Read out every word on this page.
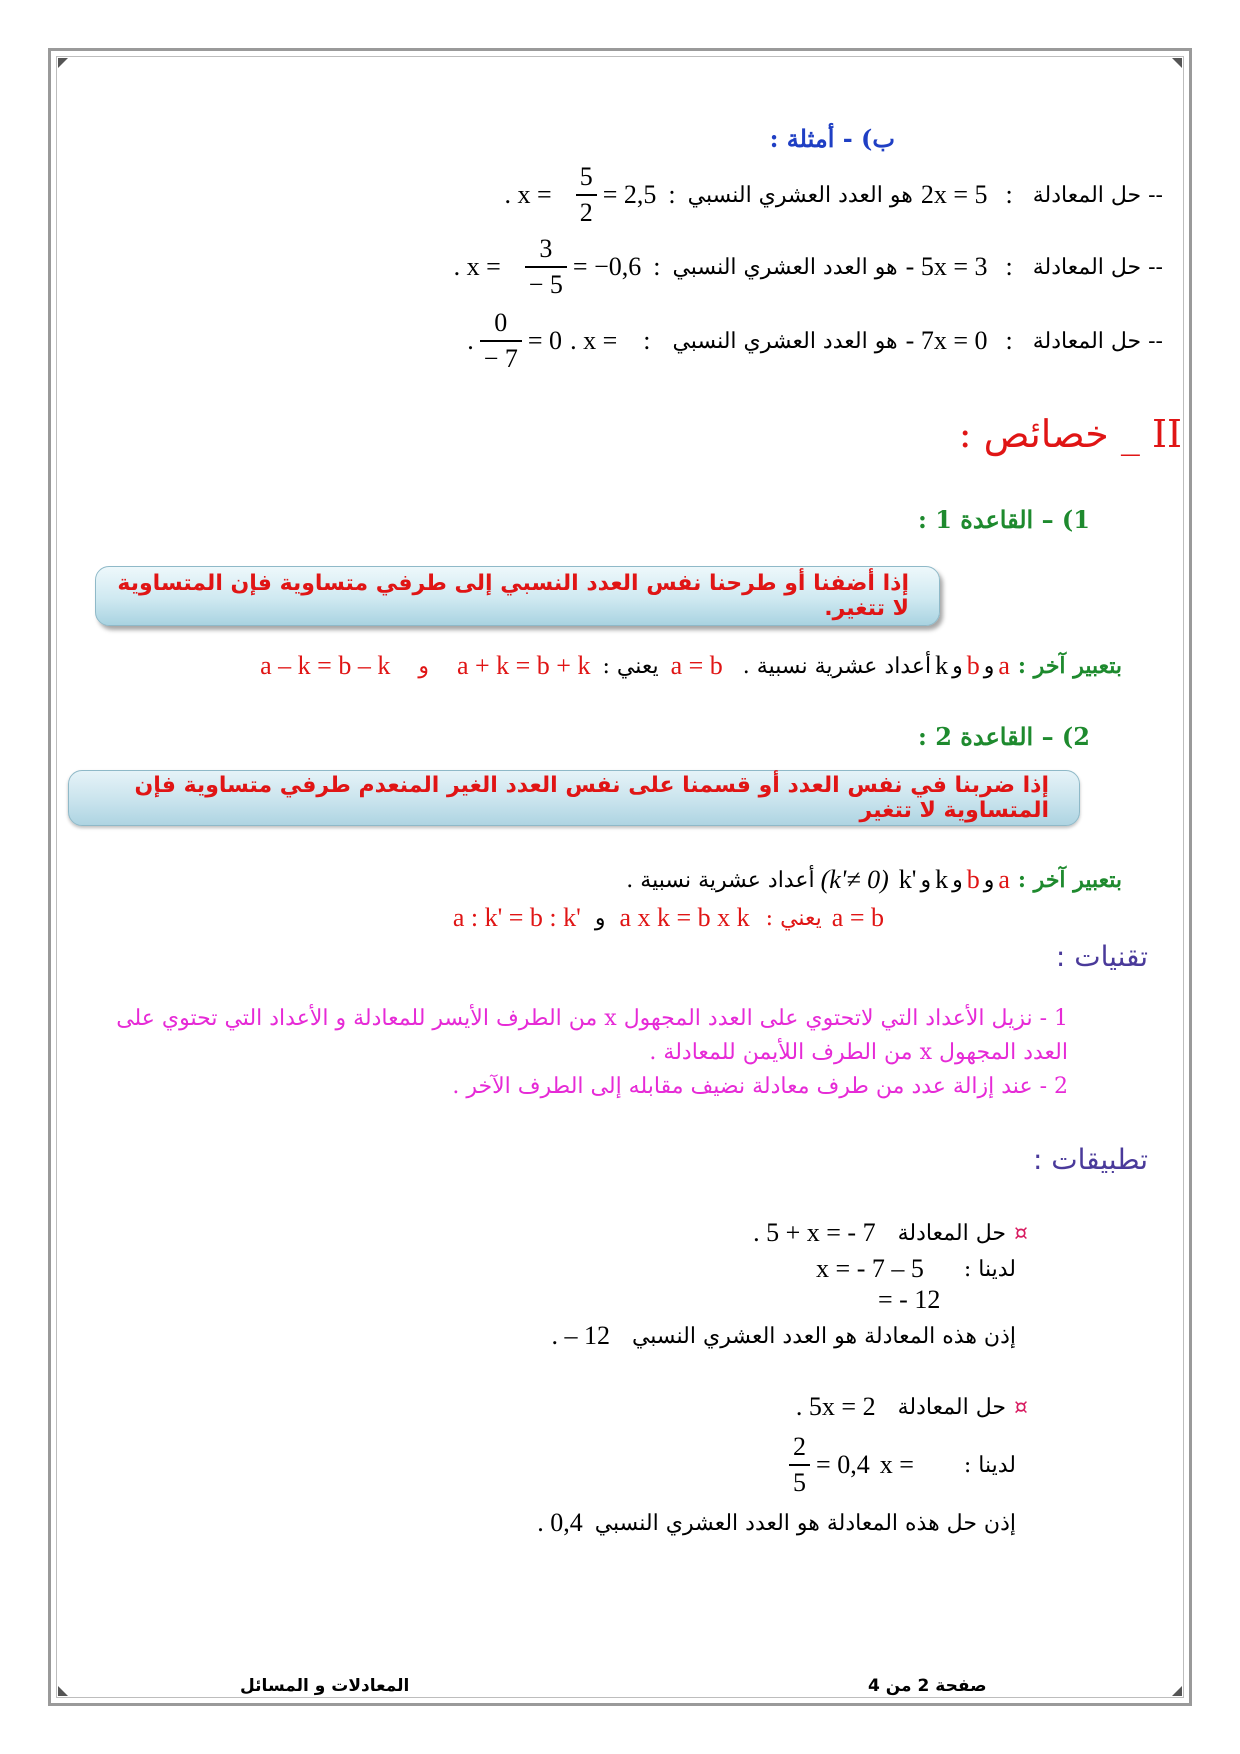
ب) - أمثلة :
-- حل المعادلة
:
2x = 5
هو العدد العشري النسبي
:
= 2,5
$\frac{5}{2}$
. x =
-- حل المعادلة
:
- 5x = 3
هو العدد العشري النسبي
:
= −0,6
$\frac{3}{- 5}$
. x =
-- حل المعادلة
:
- 7x = 0
هو العدد العشري النسبي
:
. x =
= 0
$\frac{0}{- 7}$
.
II _ خصائص :
1) – القاعدة 1 :
إذا أضفنا أو طرحنا نفس العدد النسبي إلى طرفي متساوية فإن المتساوية لا تتغير.
بتعبير آخر :
a
و
b
و
k
أعداد عشرية نسبية .
a = b
يعني :
a + k = b + k
و
a – k = b – k
2) – القاعدة 2 :
إذا ضربنا في نفس العدد أو قسمنا على نفس العدد الغير المنعدم طرفي متساوية فإن المتساوية لا تتغير
بتعبير آخر :
a
و
b
و
k
و
k'
(k'≠ 0)
أعداد عشرية نسبية .
a = b
يعني :
a x k = b x k
و
a : k' = b : k'
تقنيات :
1 - نزيل الأعداد التي لاتحتوي على العدد المجهول x من الطرف الأيسر للمعادلة و الأعداد التي تحتوي على
العدد المجهول x من الطرف اللأيمن للمعادلة .
2 - عند إزالة عدد من طرف معادلة نضيف مقابله إلى الطرف الآخر .
تطبيقات :
¤
حل المعادلة
. 5 + x = - 7
لدينا :
x = - 7 – 5
= - 12
إذن هذه المعادلة هو العدد العشري النسبي
. – 12
¤
حل المعادلة
. 5x = 2
لدينا :
x =
= 0,4
$\frac{2}{5}$
إذن حل هذه المعادلة هو العدد العشري النسبي
. 0,4
صفحة 2 من 4
المعادلات و المسائل
